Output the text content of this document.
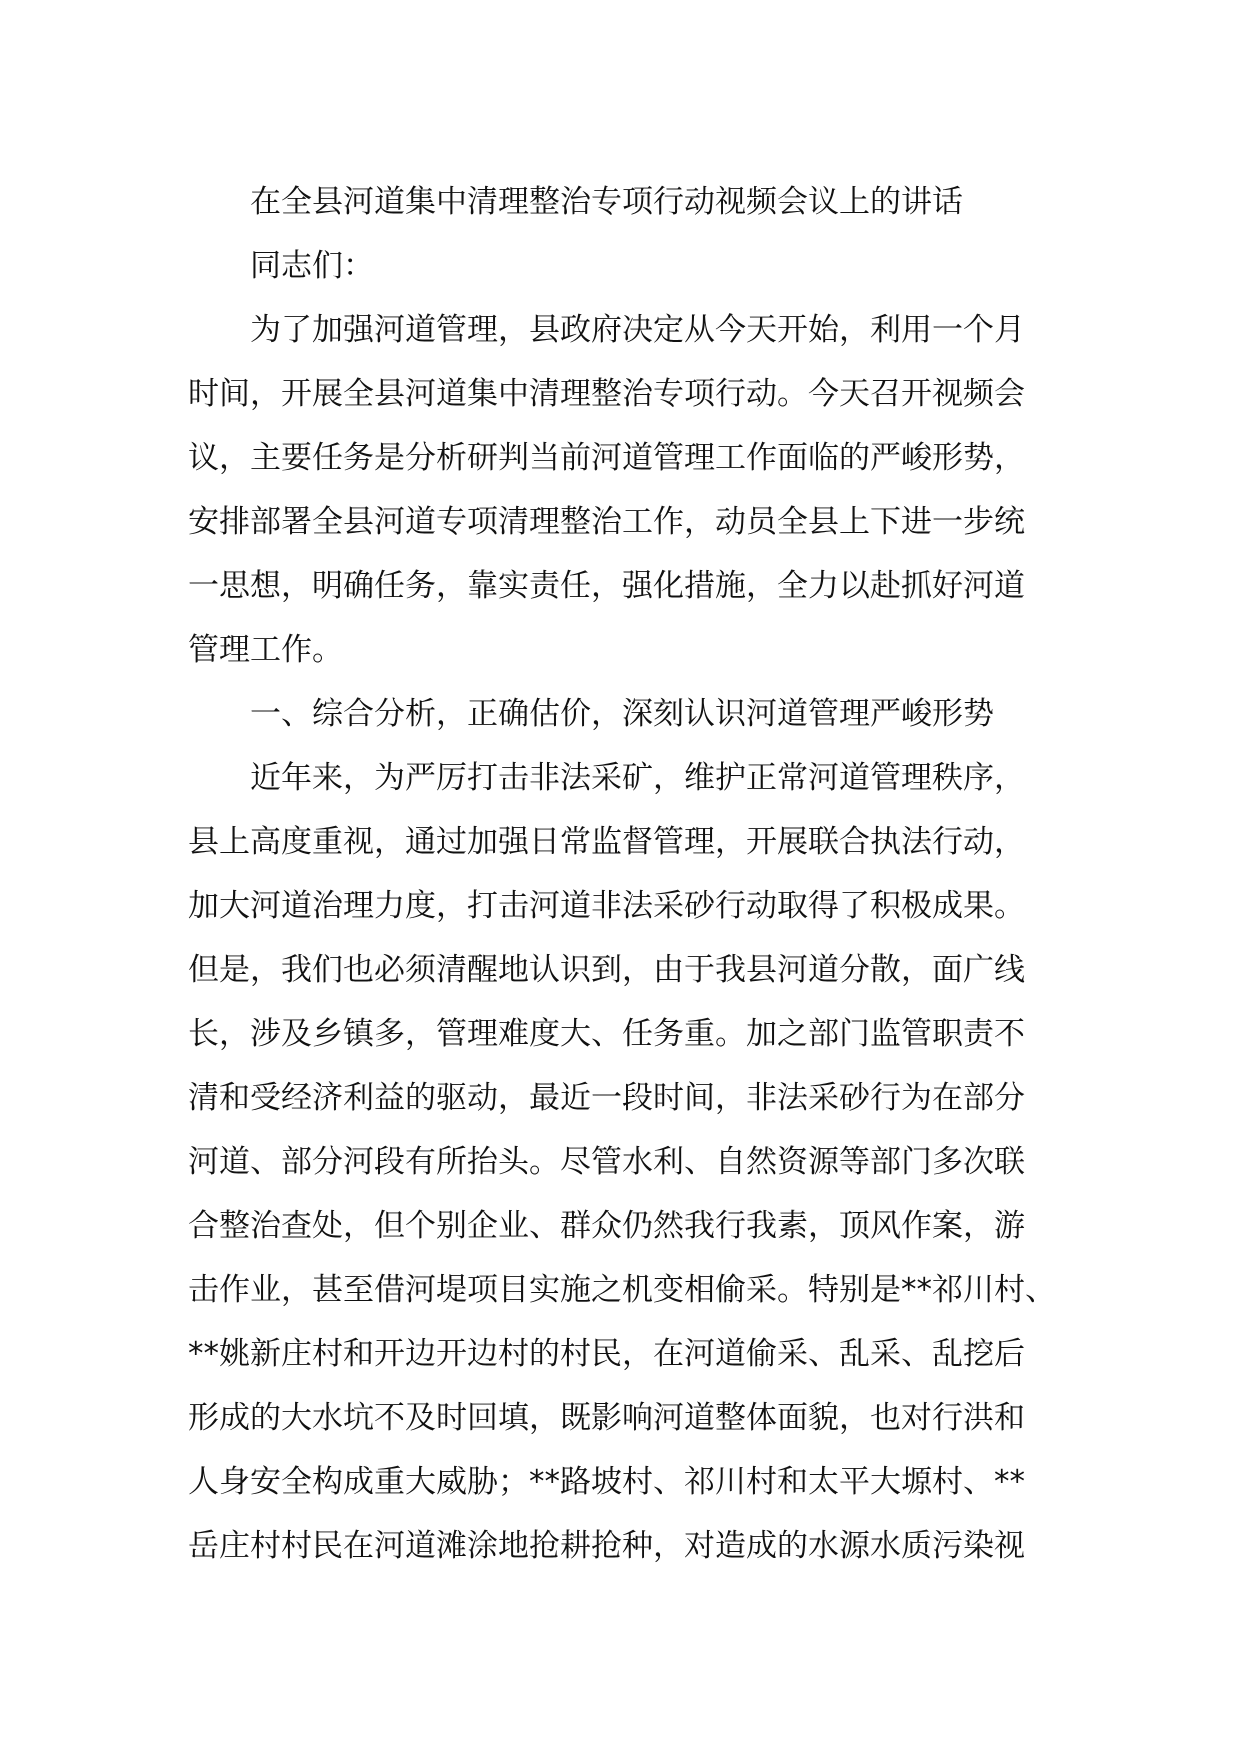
在全县河道集中清理整治专项行动视频会议上的讲话
同志们：

为了加强河道管理，县政府决定从今天开始，利用一个月
时间，开展全县河道集中清理整治专项行动。今天召开视频会
议，主要任务是分析研判当前河道管理工作面临的严峻形势，
安排部署全县河道专项清理整治工作，动员全县上下进一步统
一思想，明确任务，靠实责任，强化措施，全力以赴抓好河道
管理工作。

一、综合分析，正确估价，深刻认识河道管理严峻形势

近年来，为严厉打击非法采矿，维护正常河道管理秩序，
县上高度重视，通过加强日常监督管理，开展联合执法行动，
加大河道治理力度，打击河道非法采砂行动取得了积极成果。
但是，我们也必须清醒地认识到，由于我县河道分散，面广线
长，涉及乡镇多，管理难度大、任务重。加之部门监管职责不
清和受经济利益的驱动，最近一段时间，非法采砂行为在部分
河道、部分河段有所抬头。尽管水利、自然资源等部门多次联
合整治查处，但个别企业、群众仍然我行我素，顶风作案，游
击作业，甚至借河堤项目实施之机变相偷采。特别是**祁川村、
**姚新庄村和开边开边村的村民，在河道偷采、乱采、乱挖后
形成的大水坑不及时回填，既影响河道整体面貌，也对行洪和
人身安全构成重大威胁；**路坡村、祁川村和太平大塬村、**
岳庄村村民在河道滩涂地抢耕抢种，对造成的水源水质污染视
